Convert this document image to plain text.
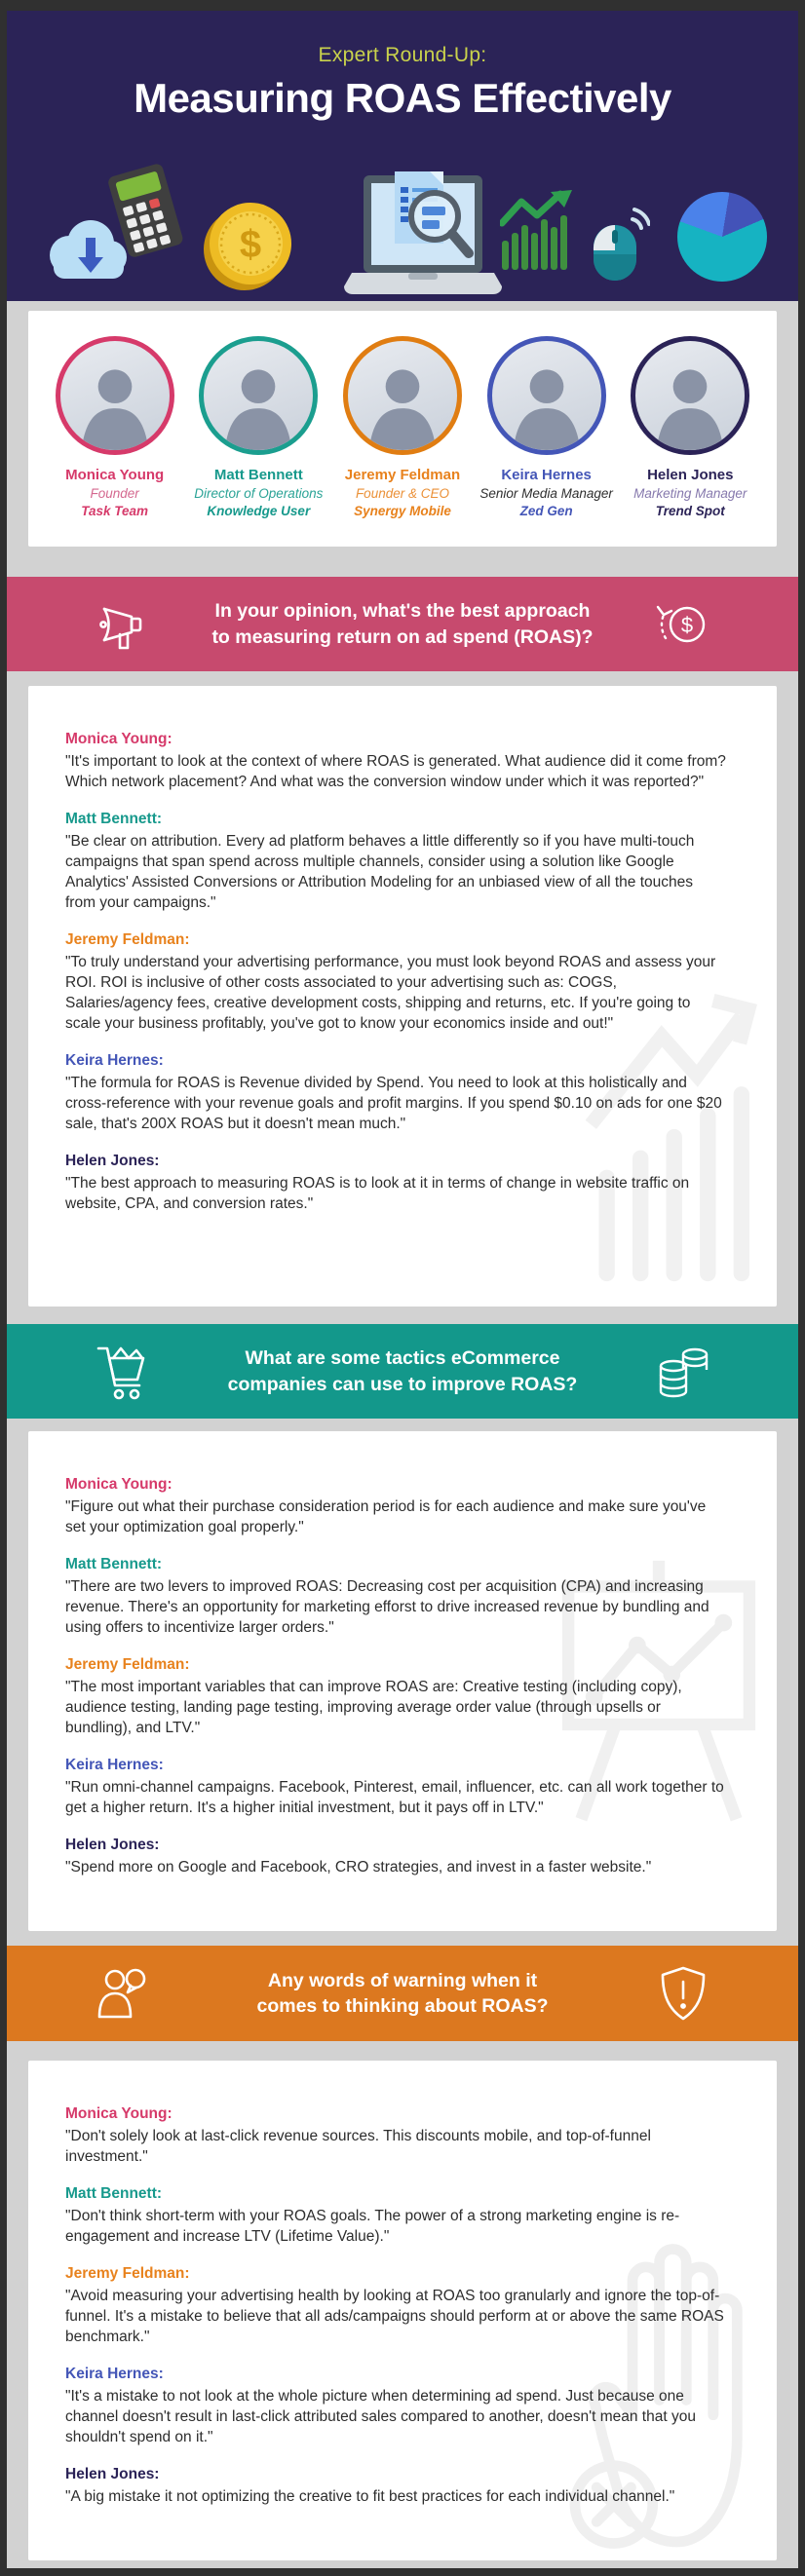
Expert Round-Up:
Measuring ROAS Effectively
$
Monica Young
Founder
Task Team
Matt Bennett
Director of Operations
Knowledge User
Jeremy Feldman
Founder & CEO
Synergy Mobile
Keira Hernes
Senior Media Manager
Zed Gen
Helen Jones
Marketing Manager
Trend Spot
In your opinion, what's the best approach
to measuring return on ad spend (ROAS)?	$
Monica Young:
"It's important to look at the context of where ROAS is generated. What audience did it come from? Which network placement? And what was the conversion window under which it was reported?"
Matt Bennett:
"Be clear on attribution. Every ad platform behaves a little differently so if you have multi-touch campaigns that span spend across multiple channels, consider using a solution like Google Analytics' Assisted Conversions or Attribution Modeling for an unbiased view of all the touches from your campaigns."
Jeremy Feldman:
"To truly understand your advertising performance, you must look beyond ROAS and assess your ROI. ROI is inclusive of other costs associated to your advertising such as: COGS, Salaries/agency fees, creative development costs, shipping and returns, etc. If you're going to scale your business profitably, you've got to know your economics inside and out!"
Keira Hernes:
"The formula for ROAS is Revenue divided by Spend. You need to look at this holistically and cross-reference with your revenue goals and profit margins. If you spend $0.10 on ads for one $20 sale, that's 200X ROAS but it doesn't mean much."
Helen Jones:
"The best approach to measuring ROAS is to look at it in terms of change in website traffic on website, CPA, and conversion rates."
What are some tactics eCommerce
companies can use to improve ROAS?
Monica Young:
"Figure out what their purchase consideration period is for each audience and make sure you've set your optimization goal properly."
Matt Bennett:
"There are two levers to improved ROAS: Decreasing cost per acquisition (CPA) and increasing revenue. There's an opportunity for marketing efforst to drive increased revenue by bundling and using offers to incentivize larger orders."
Jeremy Feldman:
"The most important variables that can improve ROAS are: Creative testing (including copy), audience testing, landing page testing, improving average order value (through upsells or bundling), and LTV."
Keira Hernes:
"Run omni-channel campaigns. Facebook, Pinterest, email, influencer, etc. can all work together to get a higher return. It's a higher initial investment, but it pays off in LTV."
Helen Jones:
"Spend more on Google and Facebook, CRO strategies, and invest in a faster website."
Any words of warning when it
comes to thinking about ROAS?
Monica Young:
"Don't solely look at last-click revenue sources. This discounts mobile, and top-of-funnel investment."
Matt Bennett:
"Don't think short-term with your ROAS goals. The power of a strong marketing engine is re-engagement and increase LTV (Lifetime Value)."
Jeremy Feldman:
"Avoid measuring your advertising health by looking at ROAS too granularly and ignore the top-of-funnel. It's a mistake to believe that all ads/campaigns should perform at or above the same ROAS benchmark."
Keira Hernes:
"It's a mistake to not look at the whole picture when determining ad spend. Just because one channel doesn't result in last-click attributed sales compared to another, doesn't mean that you shouldn't spend on it."
Helen Jones:
"A big mistake it not optimizing the creative to fit best practices for each individual channel."
